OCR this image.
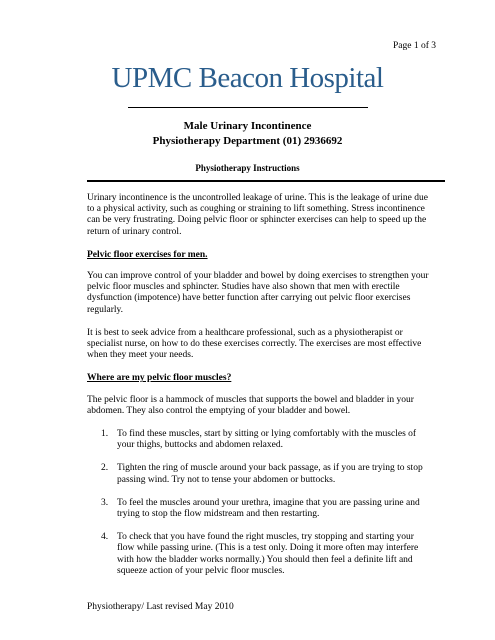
Page 1 of 3
UPMC Beacon Hospital
Male Urinary Incontinence
Physiotherapy Department (01) 2936692
Physiotherapy Instructions

Urinary incontinence is the uncontrolled leakage of urine. This is the leakage of urine due to a physical activity, such as coughing or straining to lift something. Stress incontinence can be very frustrating. Doing pelvic floor or sphincter exercises can help to speed up the return of urinary control.

Pelvic floor exercises for men.

You can improve control of your bladder and bowel by doing exercises to strengthen your pelvic floor muscles and sphincter. Studies have also shown that men with erectile dysfunction (impotence) have better function after carrying out pelvic floor exercises regularly.

It is best to seek advice from a healthcare professional, such as a physiotherapist or specialist nurse, on how to do these exercises correctly. The exercises are most effective when they meet your needs.

Where are my pelvic floor muscles?

The pelvic floor is a hammock of muscles that supports the bowel and bladder in your abdomen. They also control the emptying of your bladder and bowel.

1. To find these muscles, start by sitting or lying comfortably with the muscles of your thighs, buttocks and abdomen relaxed.
2. Tighten the ring of muscle around your back passage, as if you are trying to stop passing wind. Try not to tense your abdomen or buttocks.
3. To feel the muscles around your urethra, imagine that you are passing urine and trying to stop the flow midstream and then restarting.
4. To check that you have found the right muscles, try stopping and starting your flow while passing urine. (This is a test only. Doing it more often may interfere with how the bladder works normally.) You should then feel a definite lift and squeeze action of your pelvic floor muscles.
Physiotherapy/ Last revised May 2010
